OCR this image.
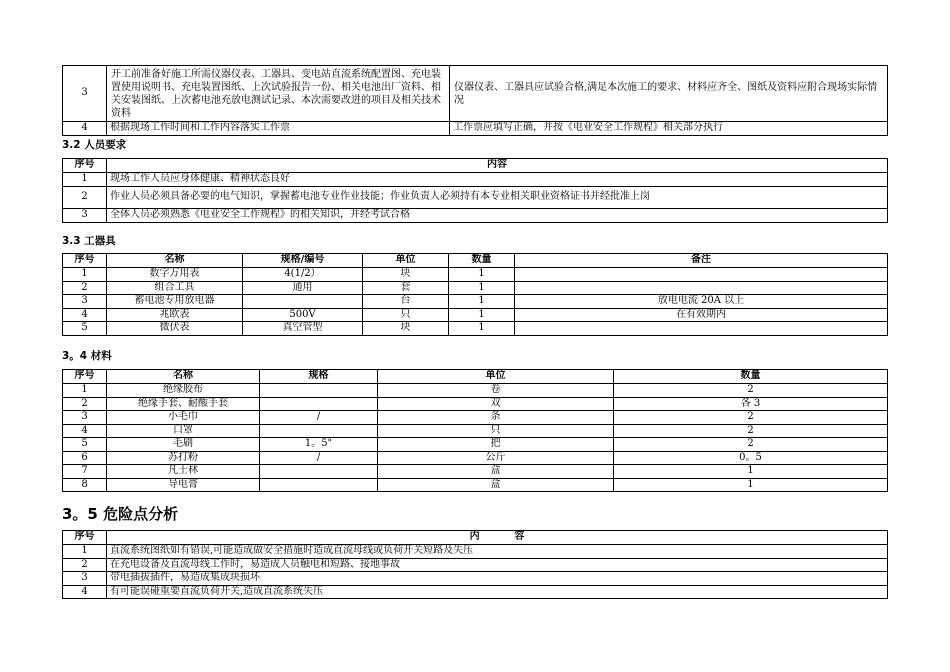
3	开工前准备好施工所需仪器仪表、工器具、变电站直流系统配置图、充电装置使用说明书、充电装置图纸、上次试验报告一份、相关电池出厂资料、相关安装图纸、上次蓄电池充放电测试记录、本次需要改进的项目及相关技术资料	仪器仪表、工器具应试验合格,满足本次施工的要求、材料应齐全、图纸及资料应附合现场实际情况
4	根据现场工作时间和工作内容落实工作票	工作票应填写正确，并按《电业安全工作规程》相关部分执行
3.2 人员要求
序号	内容
1	现场工作人员应身体健康、精神状态良好
2	作业人员必须具备必要的电气知识，掌握蓄电池专业作业技能；作业负责人必须持有本专业相关职业资格证书并经批准上岗
3	全体人员必须熟悉《电业安全工作规程》的相关知识，并经考试合格
3.3 工器具
序号	名称	规格/编号	单位	数量	备注
1	数字万用表	4(1/2）	块	1	
2	组合工具	通用	套	1	
3	蓄电池专用放电器		台	1	放电电流 20A 以上
4	兆欧表	500V	只	1	在有效期内
5	微伏表	真空管型	块	1	
3。4 材料
序号	名称	规格	单位	数量
1	绝缘胶布		卷	2
2	绝缘手套、耐酸手套		双	各 3
3	小毛巾	/	条	2
4	口罩		只	2
5	毛刷	1。5"	把	2
6	苏打粉	/	公斤	0。5
7	凡士林		盒	1
8	导电膏		盒	1
3。5 危险点分析
序号	内          容
1	直流系统图纸如有错误,可能造成做安全措施时造成直流母线或负荷开关短路及失压
2	在充电设备及直流母线工作时，易造成人员触电和短路、接地事故
3	带电插拔插件，易造成集成块损坏
4	有可能误碰重要直流负荷开关,造成直流系统失压
